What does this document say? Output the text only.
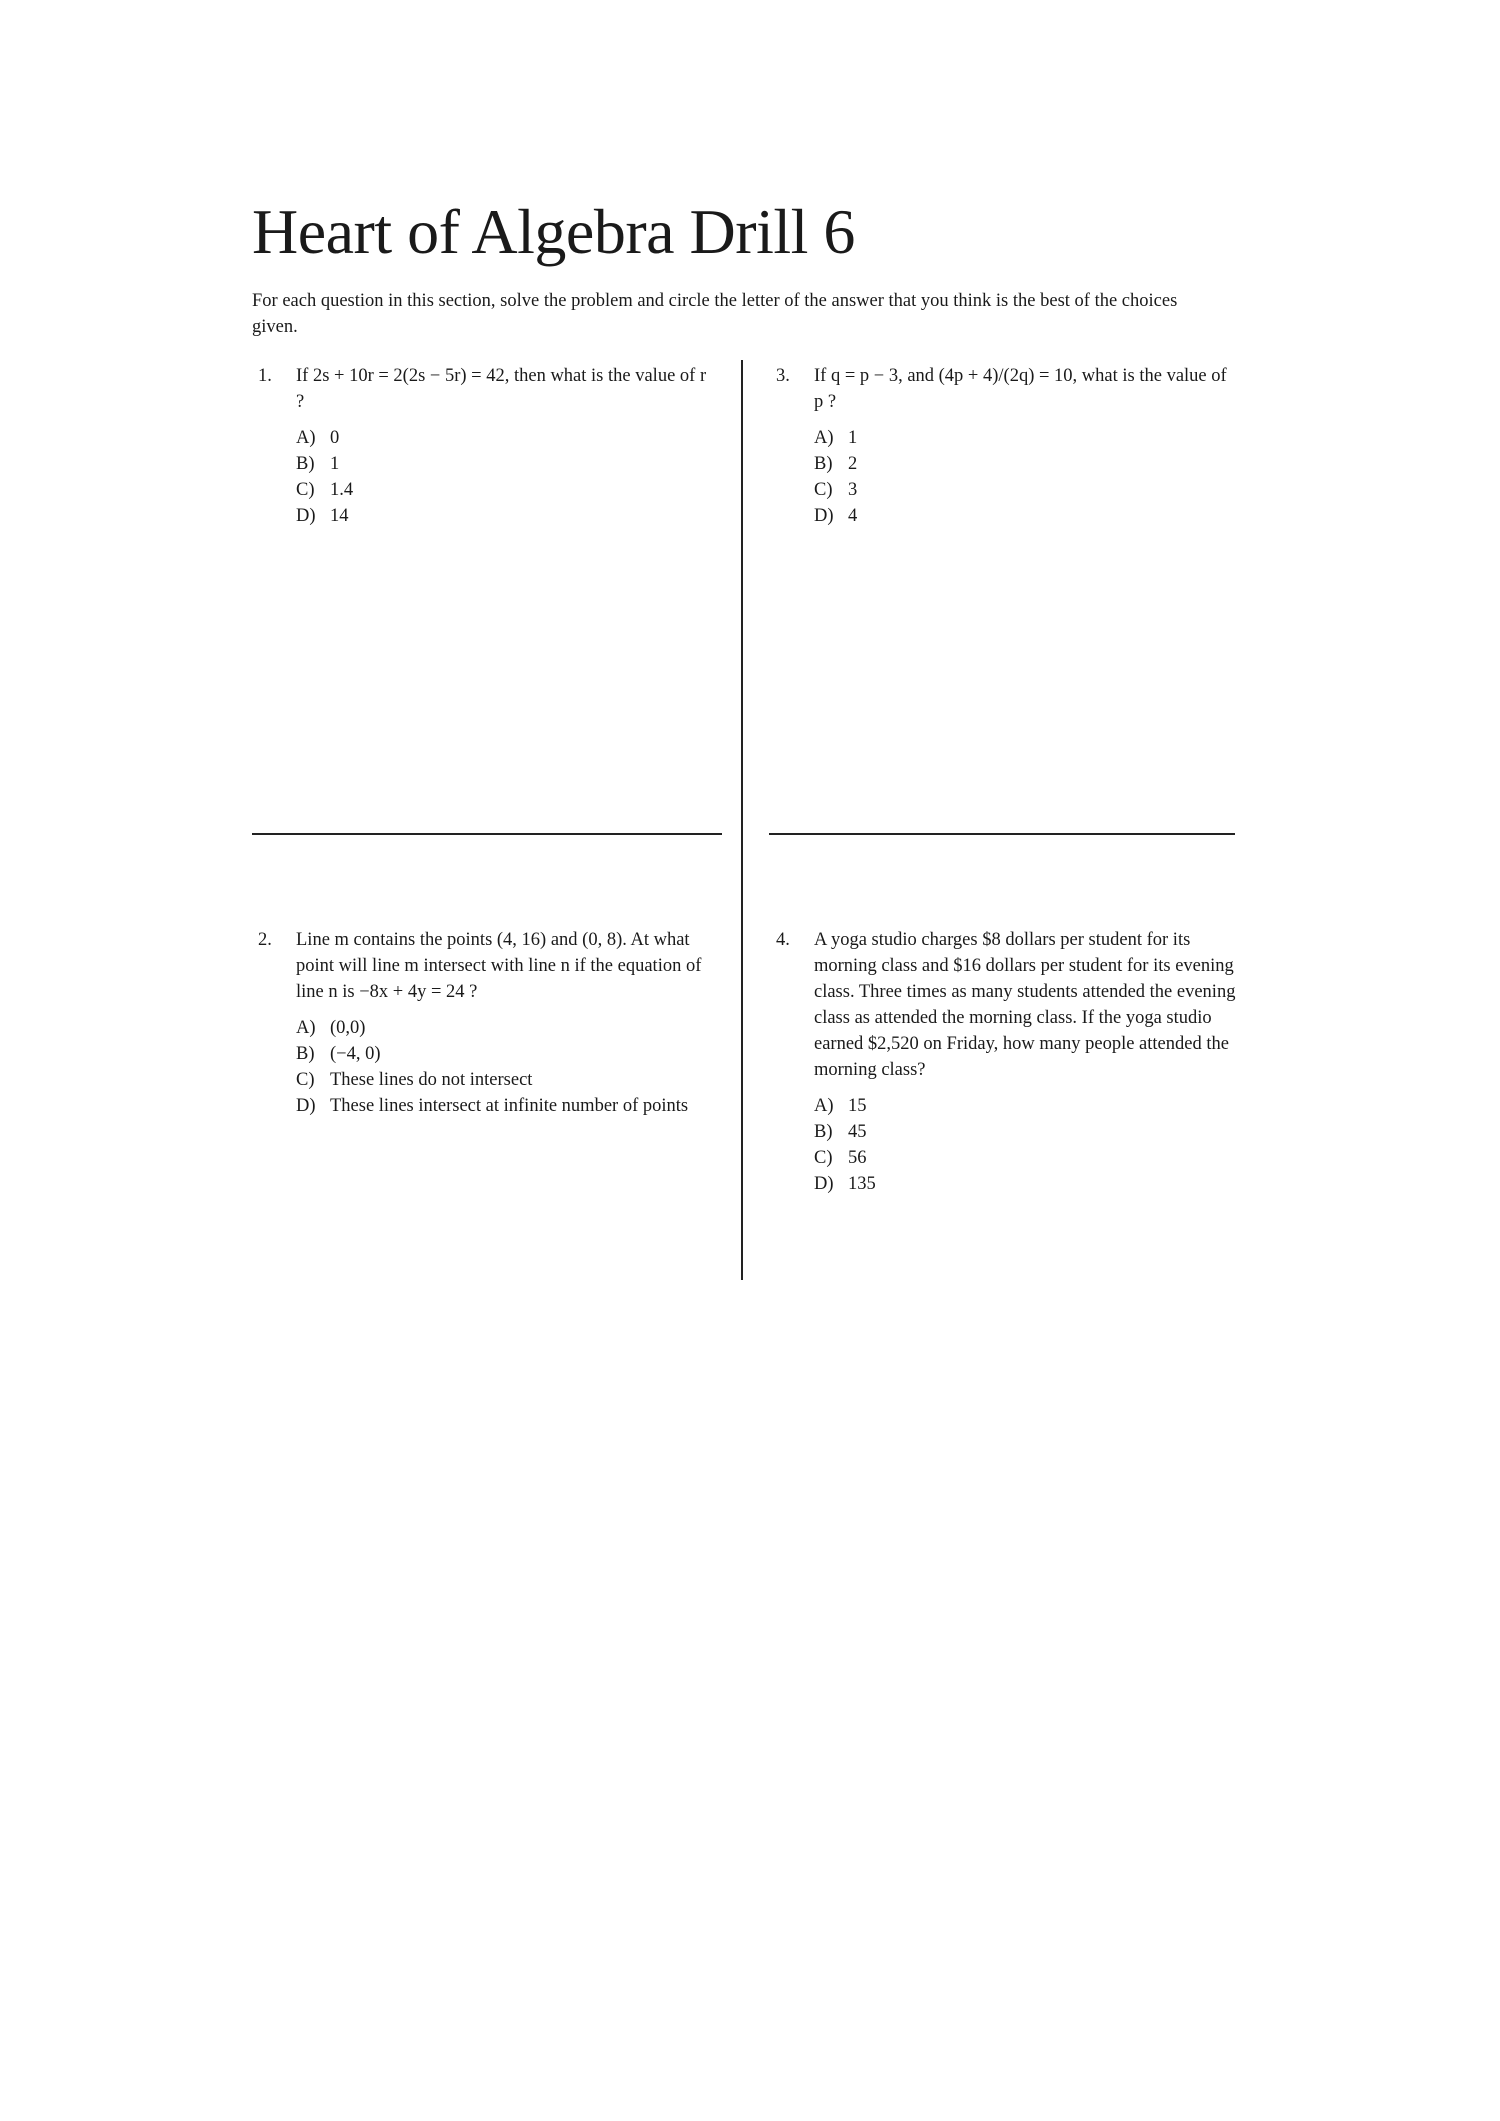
Heart of Algebra Drill 6

For each question in this section, solve the problem and circle the letter of the answer that you think is the best of the choices given.

1.	If 2s + 10r = 2(2s − 5r) = 42, then what is the value of r ?
A) 0
B) 1
C) 1.4
D) 14
3.	If q = p − 3, and (4p + 4)/(2q) = 10, what is the value of p ?
A) 1
B) 2
C) 3
D) 4
2.	Line m contains the points (4, 16) and (0, 8). At what point will line m intersect with line n if the equation of line n is −8x + 4y = 24 ?
A) (0,0)
B) (−4, 0)
C) These lines do not intersect
D) These lines intersect at infinite number of points
4.	A yoga studio charges $8 dollars per student for its morning class and $16 dollars per student for its evening class. Three times as many students attended the evening class as attended the morning class. If the yoga studio earned $2,520 on Friday, how many people attended the morning class?
A) 15
B) 45
C) 56
D) 135
